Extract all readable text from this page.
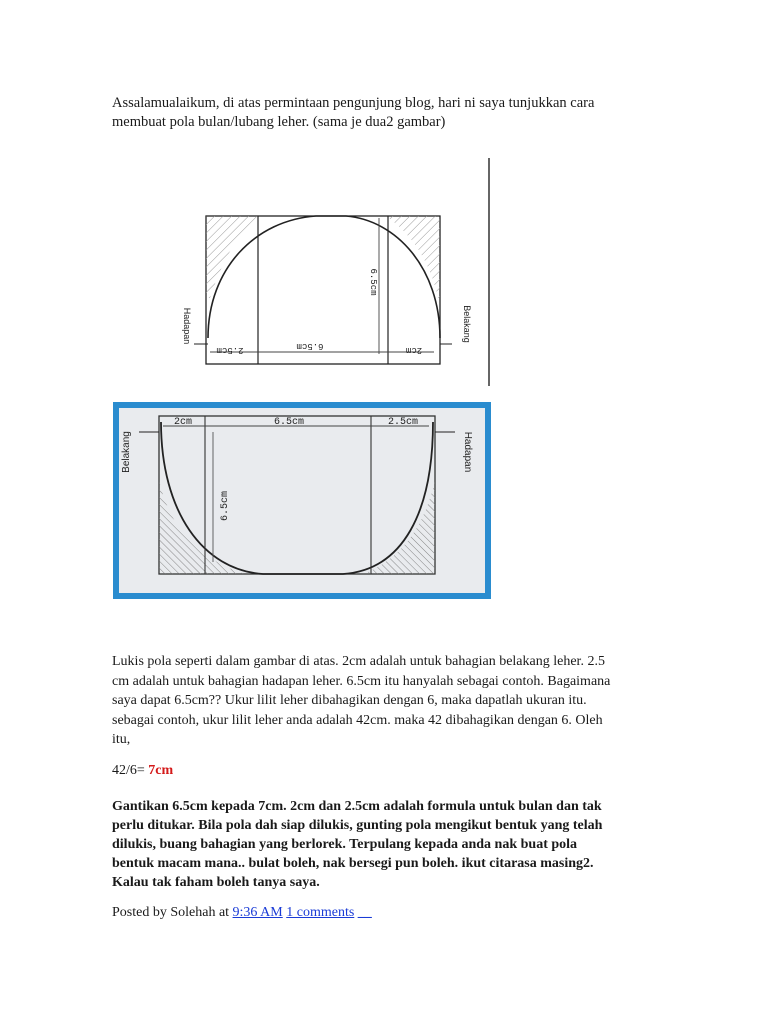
Assalamualaikum, di atas permintaan pengunjung blog, hari ni saya tunjukkan cara
membuat pola bulan/lubang leher. (sama je dua2 gambar)

2.5cm	6.5cm	2cm
6.5cm
Hadapan	Belakang
2cm	6.5cm	2.5cm
6.5cm
Belakang	Hadapan

Lukis pola seperti dalam gambar di atas. 2cm adalah untuk bahagian belakang leher. 2.5
cm adalah untuk bahagian hadapan leher. 6.5cm itu hanyalah sebagai contoh. Bagaimana
saya dapat 6.5cm?? Ukur lilit leher dibahagikan dengan 6, maka dapatlah ukuran itu.
sebagai contoh, ukur lilit leher anda adalah 42cm. maka 42 dibahagikan dengan 6. Oleh
itu,

42/6= 7cm

Gantikan 6.5cm kepada 7cm. 2cm dan 2.5cm adalah formula untuk bulan dan tak
perlu ditukar. Bila pola dah siap dilukis, gunting pola mengikut bentuk yang telah
dilukis, buang bahagian yang berlorek. Terpulang kepada anda nak buat pola
bentuk macam mana.. bulat boleh, nak bersegi pun boleh. ikut citarasa masing2.
Kalau tak faham boleh tanya saya.

Posted by Solehah at 9:36 AM 1 comments __
